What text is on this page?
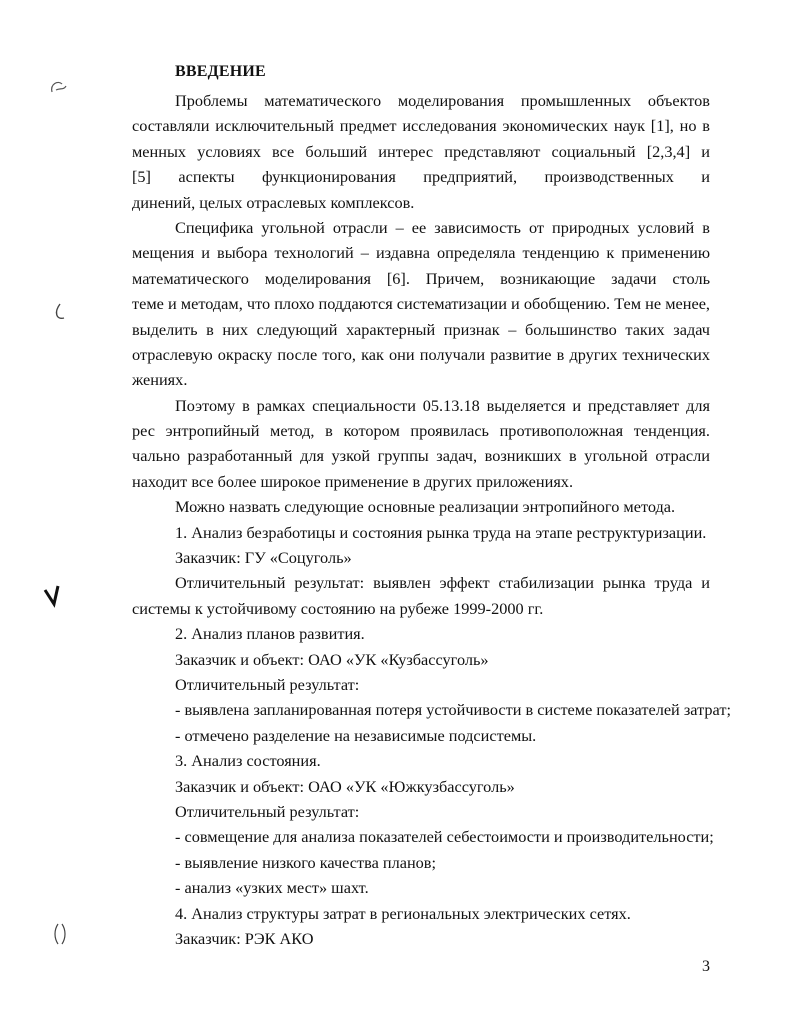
ВВЕДЕНИЕ
Проблемы математического моделирования промышленных объектов
составляли исключительный предмет исследования экономических наук [1], но в
менных условиях все больший интерес представляют социальный [2,3,4] и
[5] аспекты функционирования предприятий, производственных и
динений, целых отраслевых комплексов.
Специфика угольной отрасли – ее зависимость от природных условий в
мещения и выбора технологий – издавна определяла тенденцию к применению
математического моделирования [6]. Причем, возникающие задачи столь
теме и методам, что плохо поддаются систематизации и обобщению. Тем не менее,
выделить в них следующий характерный признак – большинство таких задач
отраслевую окраску после того, как они получали развитие в других технических
жениях.
Поэтому в рамках специальности 05.13.18 выделяется и представляет для
рес энтропийный метод, в котором проявилась противоположная тенденция.
чально разработанный для узкой группы задач, возникших в угольной отрасли
находит все более широкое применение в других приложениях.
Можно назвать следующие основные реализации энтропийного метода.
1. Анализ безработицы и состояния рынка труда на этапе реструктуризации.
Заказчик: ГУ «Соцуголь»
Отличительный результат: выявлен эффект стабилизации рынка труда и
системы к устойчивому состоянию на рубеже 1999-2000 гг.
2. Анализ планов развития.
Заказчик и объект: ОАО «УК «Кузбассуголь»
Отличительный результат:
- выявлена запланированная потеря устойчивости в системе показателей затрат;
- отмечено разделение на независимые подсистемы.
3. Анализ состояния.
Заказчик и объект: ОАО «УК «Южкузбассуголь»
Отличительный результат:
- совмещение для анализа показателей себестоимости и производительности;
- выявление низкого качества планов;
- анализ «узких мест» шахт.
4. Анализ структуры затрат в региональных электрических сетях.
Заказчик: РЭК АКО
3
